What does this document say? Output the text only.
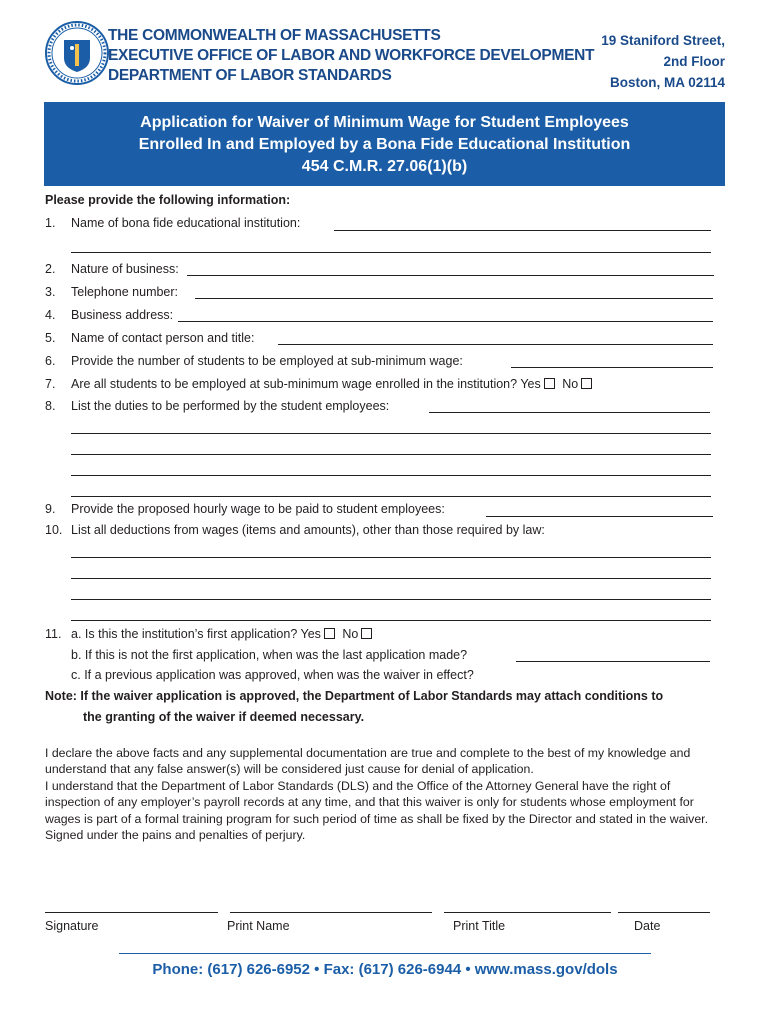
THE COMMONWEALTH OF MASSACHUSETTS
EXECUTIVE OFFICE OF LABOR AND WORKFORCE DEVELOPMENT
DEPARTMENT OF LABOR STANDARDS
19 Staniford Street,
2nd Floor
Boston, MA 02114
Application for Waiver of Minimum Wage for Student Employees
Enrolled In and Employed by a Bona Fide Educational Institution
454 C.M.R. 27.06(1)(b)
Please provide the following information:
1. Name of bona fide educational institution:
2. Nature of business:
3. Telephone number:
4. Business address:
5. Name of contact person and title:
6. Provide the number of students to be employed at sub-minimum wage:
7. Are all students to be employed at sub-minimum wage enrolled in the institution? Yes No
8. List the duties to be performed by the student employees:
9. Provide the proposed hourly wage to be paid to student employees:
10. List all deductions from wages (items and amounts), other than those required by law:
11. a. Is this the institution’s first application? Yes No
b. If this is not the first application, when was the last application made?
c. If a previous application was approved, when was the waiver in effect?
Note: If the waiver application is approved, the Department of Labor Standards may attach conditions to
the granting of the waiver if deemed necessary.

I declare the above facts and any supplemental documentation are true and complete to the best of my knowledge and understand that any false answer(s) will be considered just cause for denial of application.

I understand that the Department of Labor Standards (DLS) and the Office of the Attorney General have the right of inspection of any employer’s payroll records at any time, and that this waiver is only for students whose employment for wages is part of a formal training program for such period of time as shall be fixed by the Director and stated in the waiver. Signed under the pains and penalties of perjury.

Signature	Print Name	Print Title	Date
Phone: (617) 626-6952 • Fax: (617) 626-6944 • www.mass.gov/dols
